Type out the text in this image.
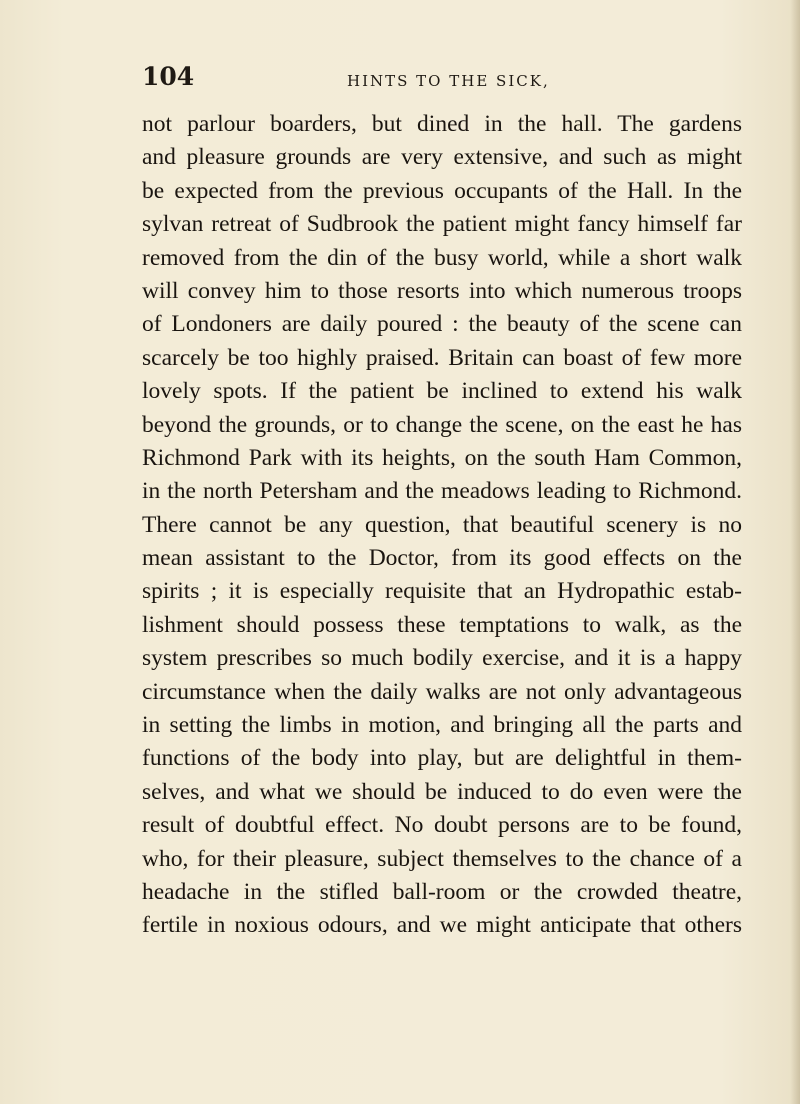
104	HINTS TO THE SICK,
not parlour boarders, but dined in the hall. The gardens
and pleasure grounds are very extensive, and such as might
be expected from the previous occupants of the Hall. In the
sylvan retreat of Sudbrook the patient might fancy himself far
removed from the din of the busy world, while a short walk
will convey him to those resorts into which numerous troops
of Londoners are daily poured : the beauty of the scene can
scarcely be too highly praised. Britain can boast of few more
lovely spots. If the patient be inclined to extend his walk
beyond the grounds, or to change the scene, on the east he has
Richmond Park with its heights, on the south Ham Common,
in the north Petersham and the meadows leading to Richmond.
There cannot be any question, that beautiful scenery is no
mean assistant to the Doctor, from its good effects on the
spirits ; it is especially requisite that an Hydropathic estab-
lishment should possess these temptations to walk, as the
system prescribes so much bodily exercise, and it is a happy
circumstance when the daily walks are not only advantageous
in setting the limbs in motion, and bringing all the parts and
functions of the body into play, but are delightful in them-
selves, and what we should be induced to do even were the
result of doubtful effect. No doubt persons are to be found,
who, for their pleasure, subject themselves to the chance of a
headache in the stifled ball-room or the crowded theatre,
fertile in noxious odours, and we might anticipate that others
